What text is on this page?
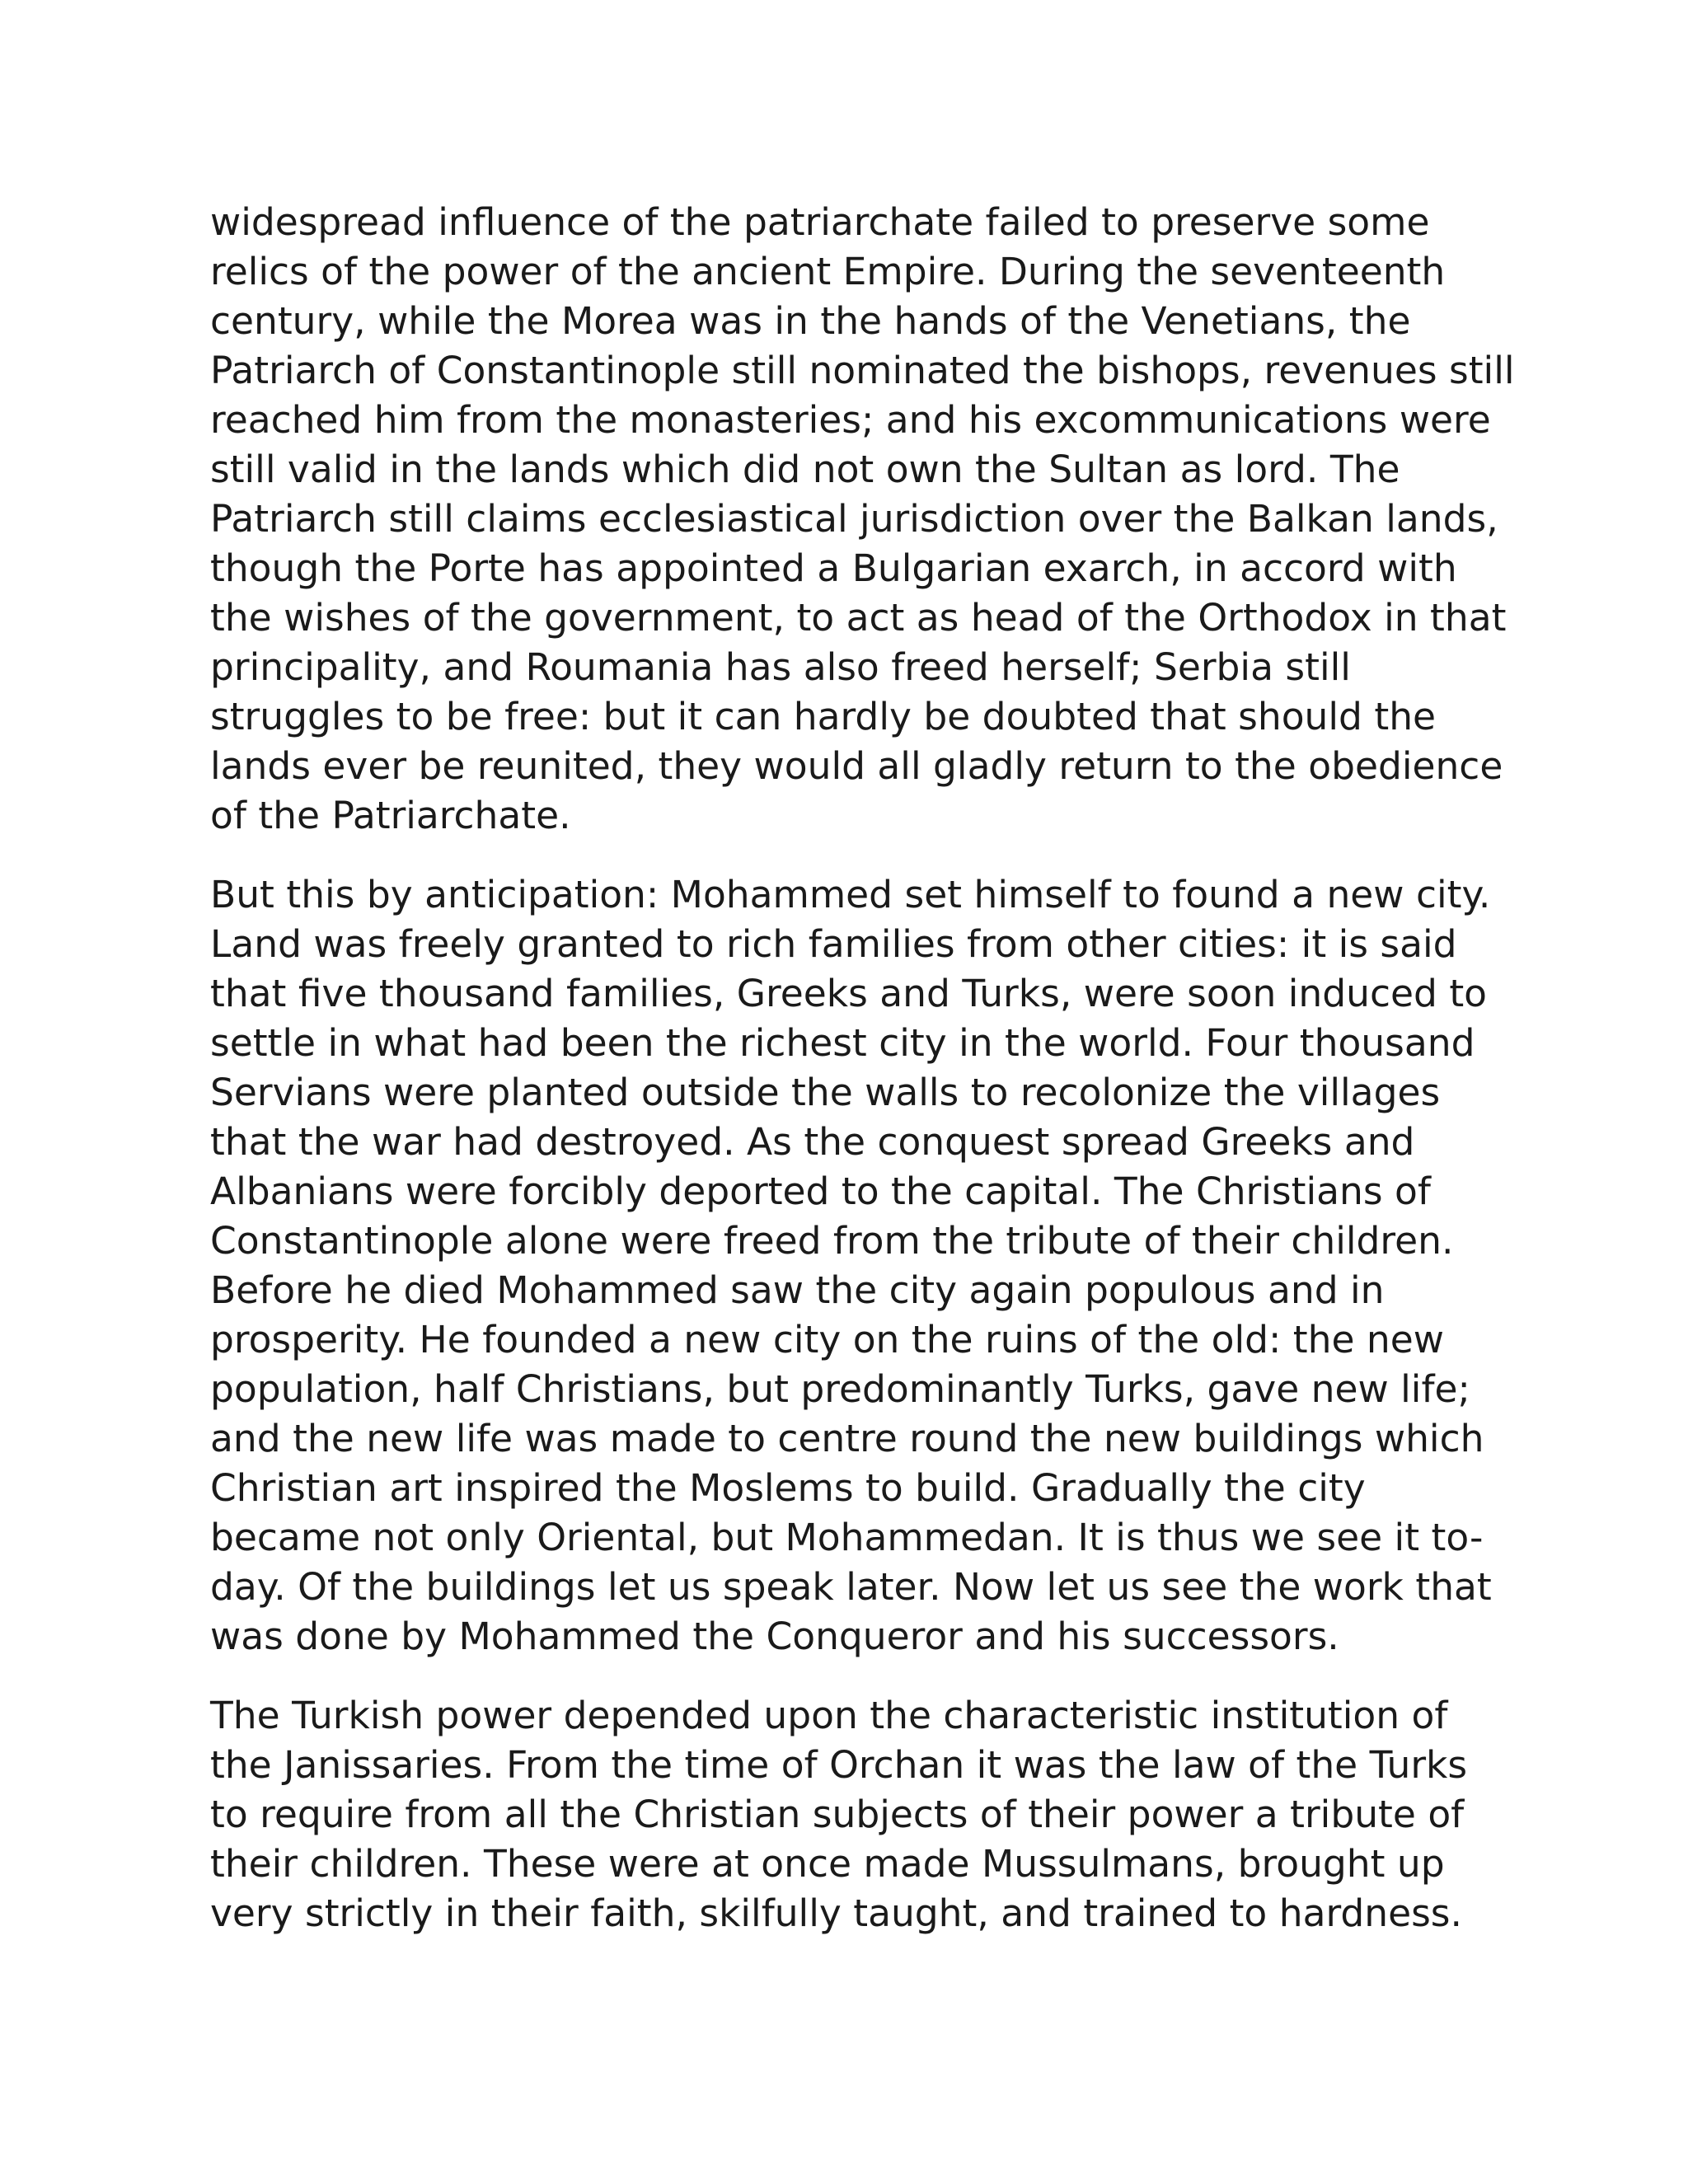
widespread influence of the patriarchate failed to preserve some
relics of the power of the ancient Empire. During the seventeenth
century, while the Morea was in the hands of the Venetians, the
Patriarch of Constantinople still nominated the bishops, revenues still
reached him from the monasteries; and his excommunications were
still valid in the lands which did not own the Sultan as lord. The
Patriarch still claims ecclesiastical jurisdiction over the Balkan lands,
though the Porte has appointed a Bulgarian exarch, in accord with
the wishes of the government, to act as head of the Orthodox in that
principality, and Roumania has also freed herself; Serbia still
struggles to be free: but it can hardly be doubted that should the
lands ever be reunited, they would all gladly return to the obedience
of the Patriarchate.

But this by anticipation: Mohammed set himself to found a new city.
Land was freely granted to rich families from other cities: it is said
that five thousand families, Greeks and Turks, were soon induced to
settle in what had been the richest city in the world. Four thousand
Servians were planted outside the walls to recolonize the villages
that the war had destroyed. As the conquest spread Greeks and
Albanians were forcibly deported to the capital. The Christians of
Constantinople alone were freed from the tribute of their children.
Before he died Mohammed saw the city again populous and in
prosperity. He founded a new city on the ruins of the old: the new
population, half Christians, but predominantly Turks, gave new life;
and the new life was made to centre round the new buildings which
Christian art inspired the Moslems to build. Gradually the city
became not only Oriental, but Mohammedan. It is thus we see it to-
day. Of the buildings let us speak later. Now let us see the work that
was done by Mohammed the Conqueror and his successors.

The Turkish power depended upon the characteristic institution of
the Janissaries. From the time of Orchan it was the law of the Turks
to require from all the Christian subjects of their power a tribute of
their children. These were at once made Mussulmans, brought up
very strictly in their faith, skilfully taught, and trained to hardness.
